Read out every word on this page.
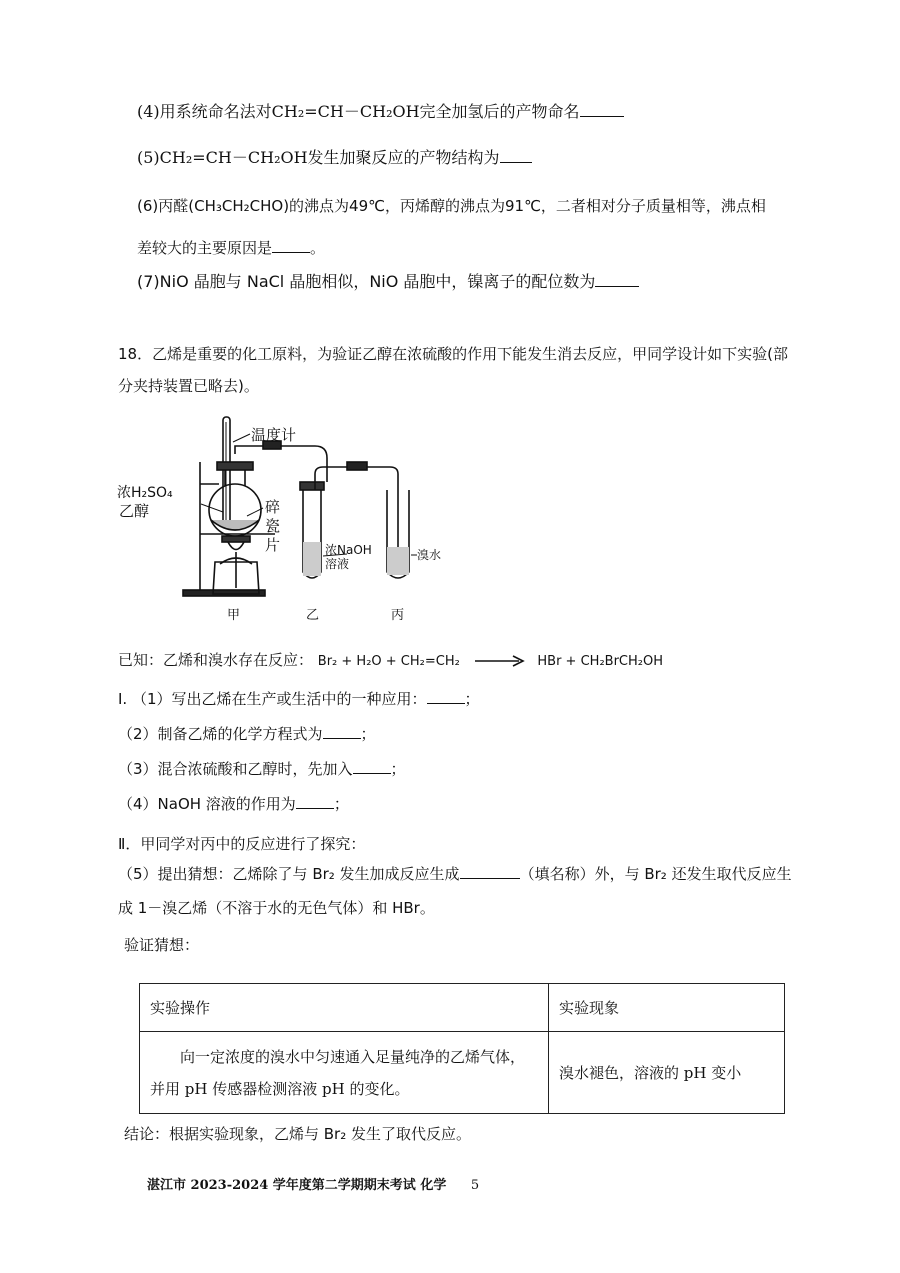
(4)用系统命名法对CH₂=CH－CH₂OH完全加氢后的产物命名
(5)CH₂=CH－CH₂OH发生加聚反应的产物结构为
(6)丙醛(CH₃CH₂CHO)的沸点为49℃，丙烯醇的沸点为91℃，二者相对分子质量相等，沸点相
差较大的主要原因是	。
(7)NiO 晶胞与 NaCl 晶胞相似，NiO 晶胞中，镍离子的配位数为
18．乙烯是重要的化工原料，为验证乙醇在浓硫酸的作用下能发生消去反应，甲同学设计如下实验(部
分夹持装置已略去)。
温度计
浓H₂SO₄
乙醇	碎
瓷
片	浓NaOH
溶液
溴水
甲	乙	丙
已知：乙烯和溴水存在反应： Br₂ + H₂O + CH₂=CH₂	HBr + CH₂BrCH₂OH
Ⅰ. （1）写出乙烯在生产或生活中的一种应用：	；
（2）制备乙烯的化学方程式为	；
（3）混合浓硫酸和乙醇时，先加入	；
（4）NaOH 溶液的作用为	；
Ⅱ．甲同学对丙中的反应进行了探究：
（5）提出猜想：乙烯除了与 Br₂ 发生加成反应生成	（填名称）外，与 Br₂ 还发生取代反应生
成 1－溴乙烯（不溶于水的无色气体）和 HBr。
验证猜想：
实验操作	实验现象

向一定浓度的溴水中匀速通入足量纯净的乙烯气体，
并用 pH 传感器检测溶液 pH 的变化。	溴水褪色，溶液的 pH 变小
结论：根据实验现象，乙烯与 Br₂ 发生了取代反应。
湛江市 2023-2024 学年度第二学期期末考试 化学 5
